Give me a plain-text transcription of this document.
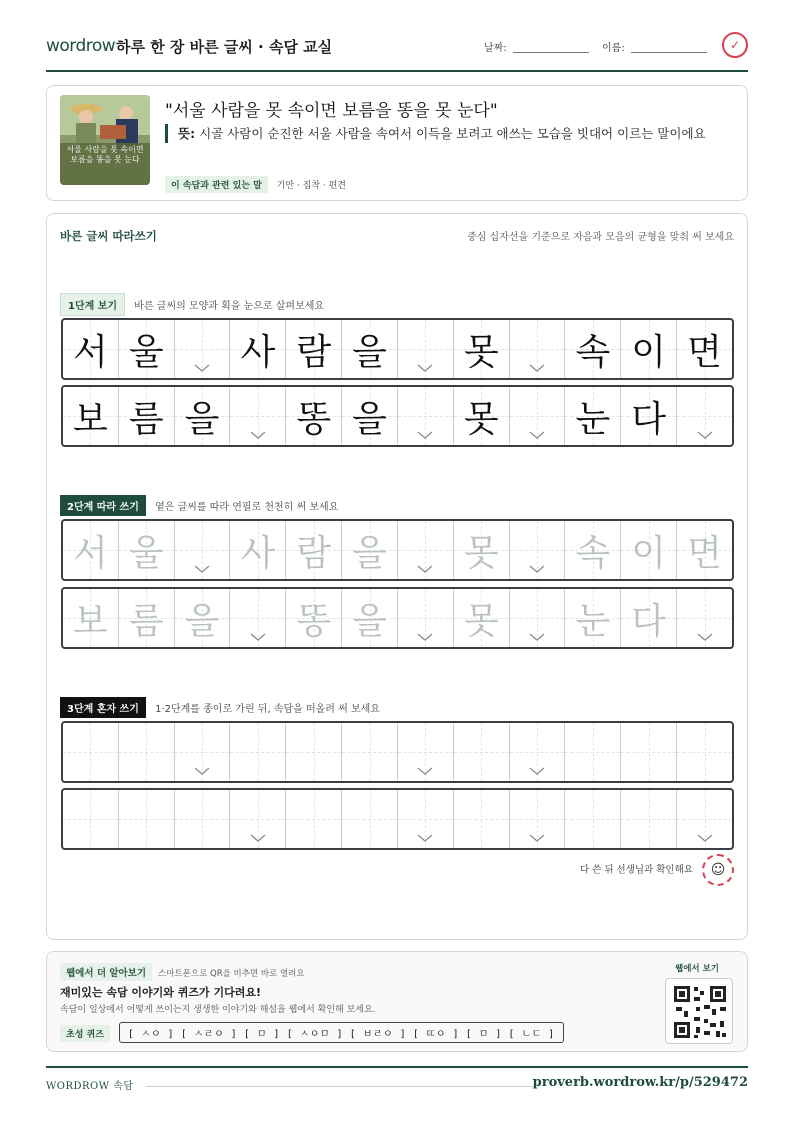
wordrow 하루 한 장 바른 글씨 · 속담 교실	날짜:	이름:	✓
서울 사람을 못 속이면
보름을 똥을 못 눈다
"서울 사람을 못 속이면 보름을 똥을 못 눈다"
뜻: 시골 사람이 순진한 서울 사람을 속여서 이득을 보려고 애쓰는 모습을 빗대어 이르는 말이에요
이 속담과 관련 있는 말 기만 · 집착 · 편견
바른 글씨 따라쓰기	중심 십자선을 기준으로 자음과 모음의 균형을 맞춰 써 보세요
1단계 보기 바른 글씨의 모양과 획을 눈으로 살펴보세요
서 울 사 람 을 못 속 이 면
보 름 을 똥 을 못 눈 다
2단계 따라 쓰기 옅은 글씨를 따라 연필로 천천히 써 보세요
서 울 사 람 을 못 속 이 면
보 름 을 똥 을 못 눈 다
3단계 혼자 쓰기 1·2단계를 종이로 가린 뒤, 속담을 떠올려 써 보세요
다 쓴 뒤 선생님과 확인해요 ☺
웹에서 더 알아보기 스마트폰으로 QR을 비추면 바로 열려요
재미있는 속담 이야기와 퀴즈가 기다려요!
속담이 일상에서 어떻게 쓰이는지 생생한 이야기와 해설을 웹에서 확인해 보세요.
초성 퀴즈 [ ㅅㅇ ] [ ㅅㄹㅇ ] [ ㅁ ] [ ㅅㅇㅁ ] [ ㅂㄹㅇ ] [ ㄸㅇ ] [ ㅁ ] [ ㄴㄷ ]
웹에서 보기
WORDROW 속담	proverb.wordrow.kr/p/529472
